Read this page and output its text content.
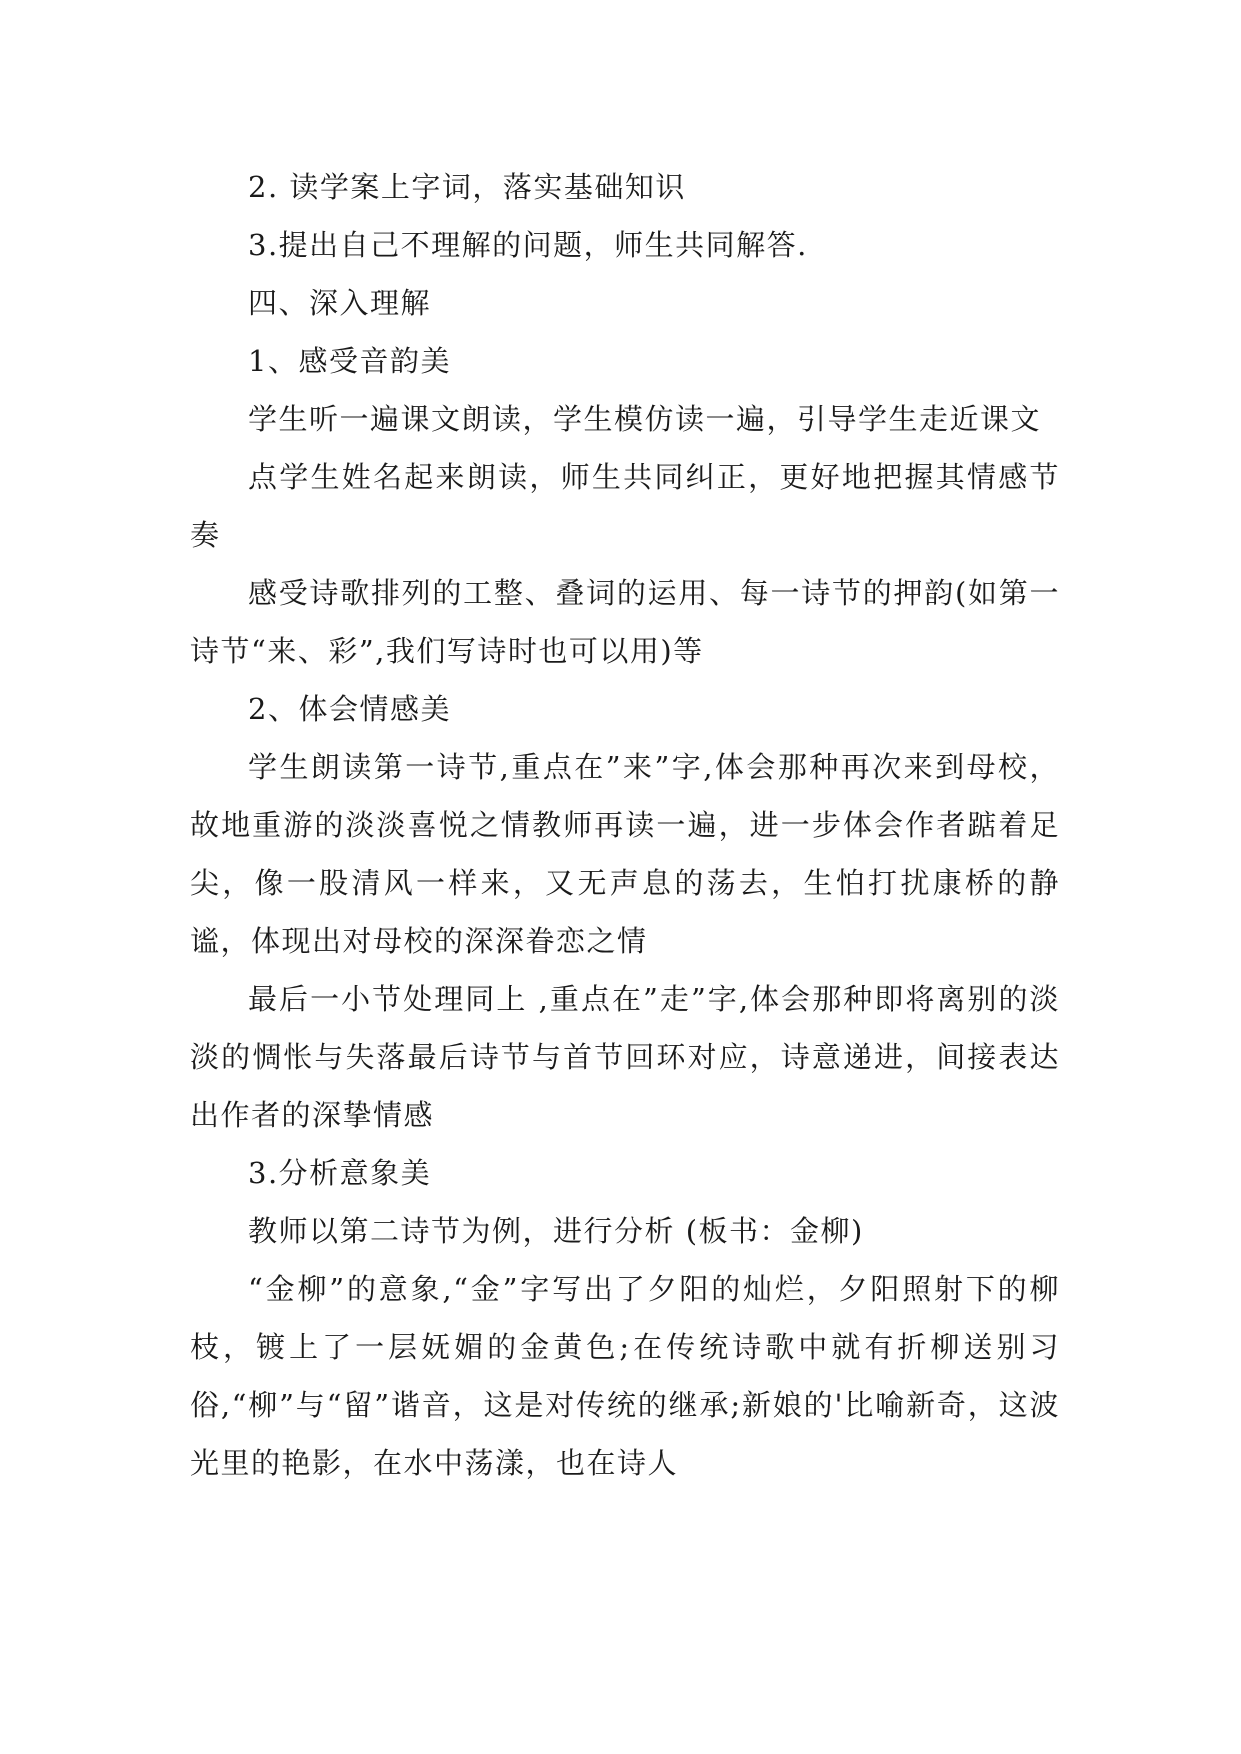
2. 读学案上字词，落实基础知识

3.提出自己不理解的问题，师生共同解答.

四、深入理解

1、感受音韵美

学生听一遍课文朗读，学生模仿读一遍，引导学生走近课文

点学生姓名起来朗读，师生共同纠正，更好地把握其情感节奏

感受诗歌排列的工整、叠词的运用、每一诗节的押韵(如第一诗节“来、彩”,我们写诗时也可以用)等

2、体会情感美

学生朗读第一诗节,重点在”来”字,体会那种再次来到母校，故地重游的淡淡喜悦之情教师再读一遍，进一步体会作者踮着足尖，像一股清风一样来，又无声息的荡去，生怕打扰康桥的静谧，体现出对母校的深深眷恋之情

最后一小节处理同上 ,重点在”走”字,体会那种即将离别的淡淡的惆怅与失落最后诗节与首节回环对应，诗意递进，间接表达出作者的深挚情感

3.分析意象美

教师以第二诗节为例，进行分析 (板书：金柳)

“金柳”的意象,“金”字写出了夕阳的灿烂，夕阳照射下的柳枝，镀上了一层妩媚的金黄色;在传统诗歌中就有折柳送别习俗,“柳”与“留”谐音，这是对传统的继承;新娘的'比喻新奇，这波光里的艳影，在水中荡漾，也在诗人
